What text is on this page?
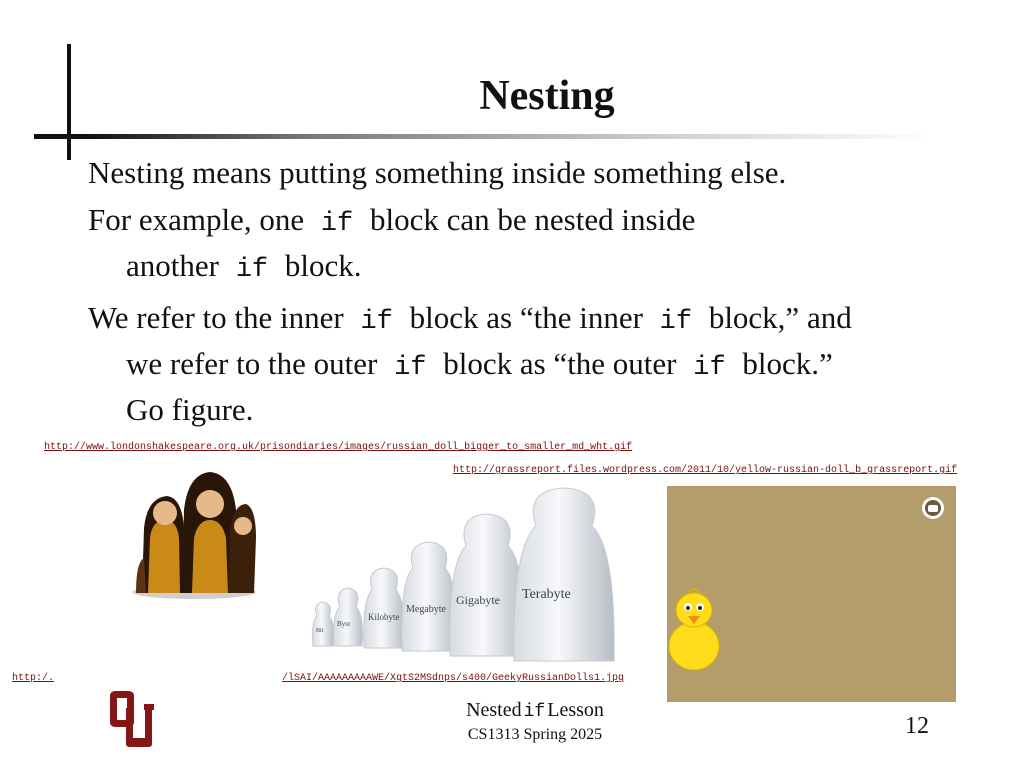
Nesting
Nesting means putting something inside something else.
For example, one if block can be nested inside
another if block.
We refer to the inner if block as “the inner if block,” and
we refer to the outer if block as “the outer if block.”
Go figure.
http://www.londonshakespeare.org.uk/prisondiaries/images/russian_doll_bigger_to_smaller_md_wht.gif
http://grassreport.files.wordpress.com/2011/10/yellow-russian-doll_b_grassreport.gif
Bit
Byte
Kilobyte
Megabyte
Gigabyte Terabyte
http:/.	/lSAI/AAAAAAAAAWE/XgtS2MSdnps/s400/GeekyRussianDolls1.jpg
Nested if Lesson
CS1313 Spring 2025	12
